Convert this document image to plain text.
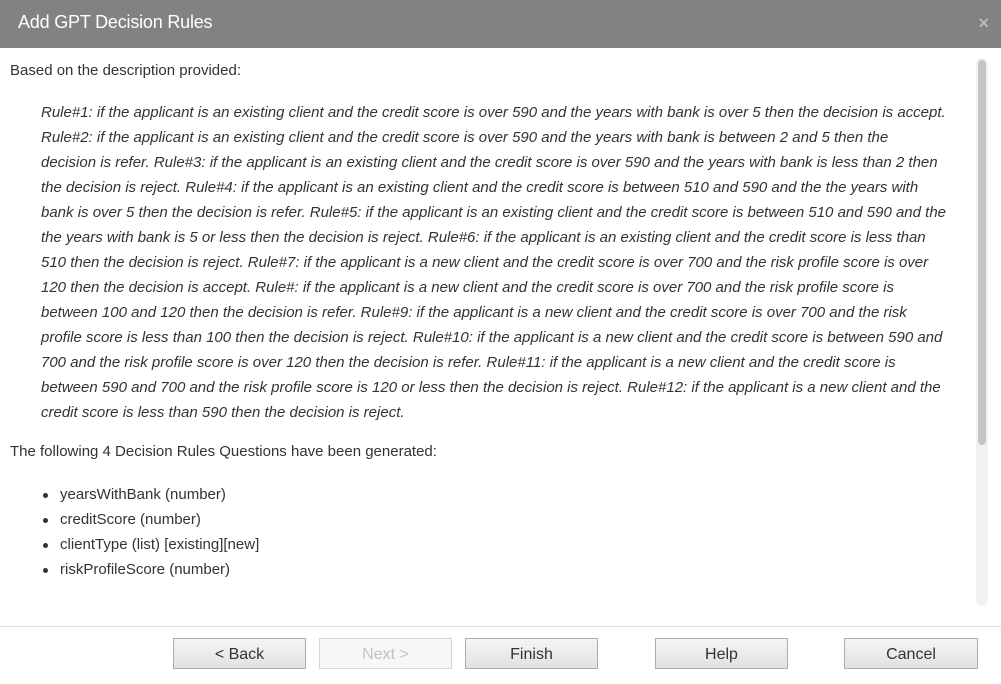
Add GPT Decision Rules	×

Based on the description provided:

Rule#1: if the applicant is an existing client and the credit score is over 590 and the years with bank is over 5 then the decision is accept. Rule#2: if the applicant is an existing client and the credit score is over 590 and the years with bank is between 2 and 5 then the decision is refer. Rule#3: if the applicant is an existing client and the credit score is over 590 and the years with bank is less than 2 then the decision is reject. Rule#4: if the applicant is an existing client and the credit score is between 510 and 590 and the the years with bank is over 5 then the decision is refer. Rule#5: if the applicant is an existing client and the credit score is between 510 and 590 and the the years with bank is 5 or less then the decision is reject. Rule#6: if the applicant is an existing client and the credit score is less than 510 then the decision is reject. Rule#7: if the applicant is a new client and the credit score is over 700 and the risk profile score is over 120 then the decision is accept. Rule#: if the applicant is a new client and the credit score is over 700 and the risk profile score is between 100 and 120 then the decision is refer. Rule#9: if the applicant is a new client and the credit score is over 700 and the risk profile score is less than 100 then the decision is reject. Rule#10: if the applicant is a new client and the credit score is between 590 and 700 and the risk profile score is over 120 then the decision is refer. Rule#11: if the applicant is a new client and the credit score is between 590 and 700 and the risk profile score is 120 or less then the decision is reject. Rule#12: if the applicant is a new client and the credit score is less than 590 then the decision is reject.

The following 4 Decision Rules Questions have been generated:

yearsWithBank (number)
creditScore (number)
clientType (list) [existing][new]
riskProfileScore (number)
< Back	Next >	Finish	Help	Cancel
